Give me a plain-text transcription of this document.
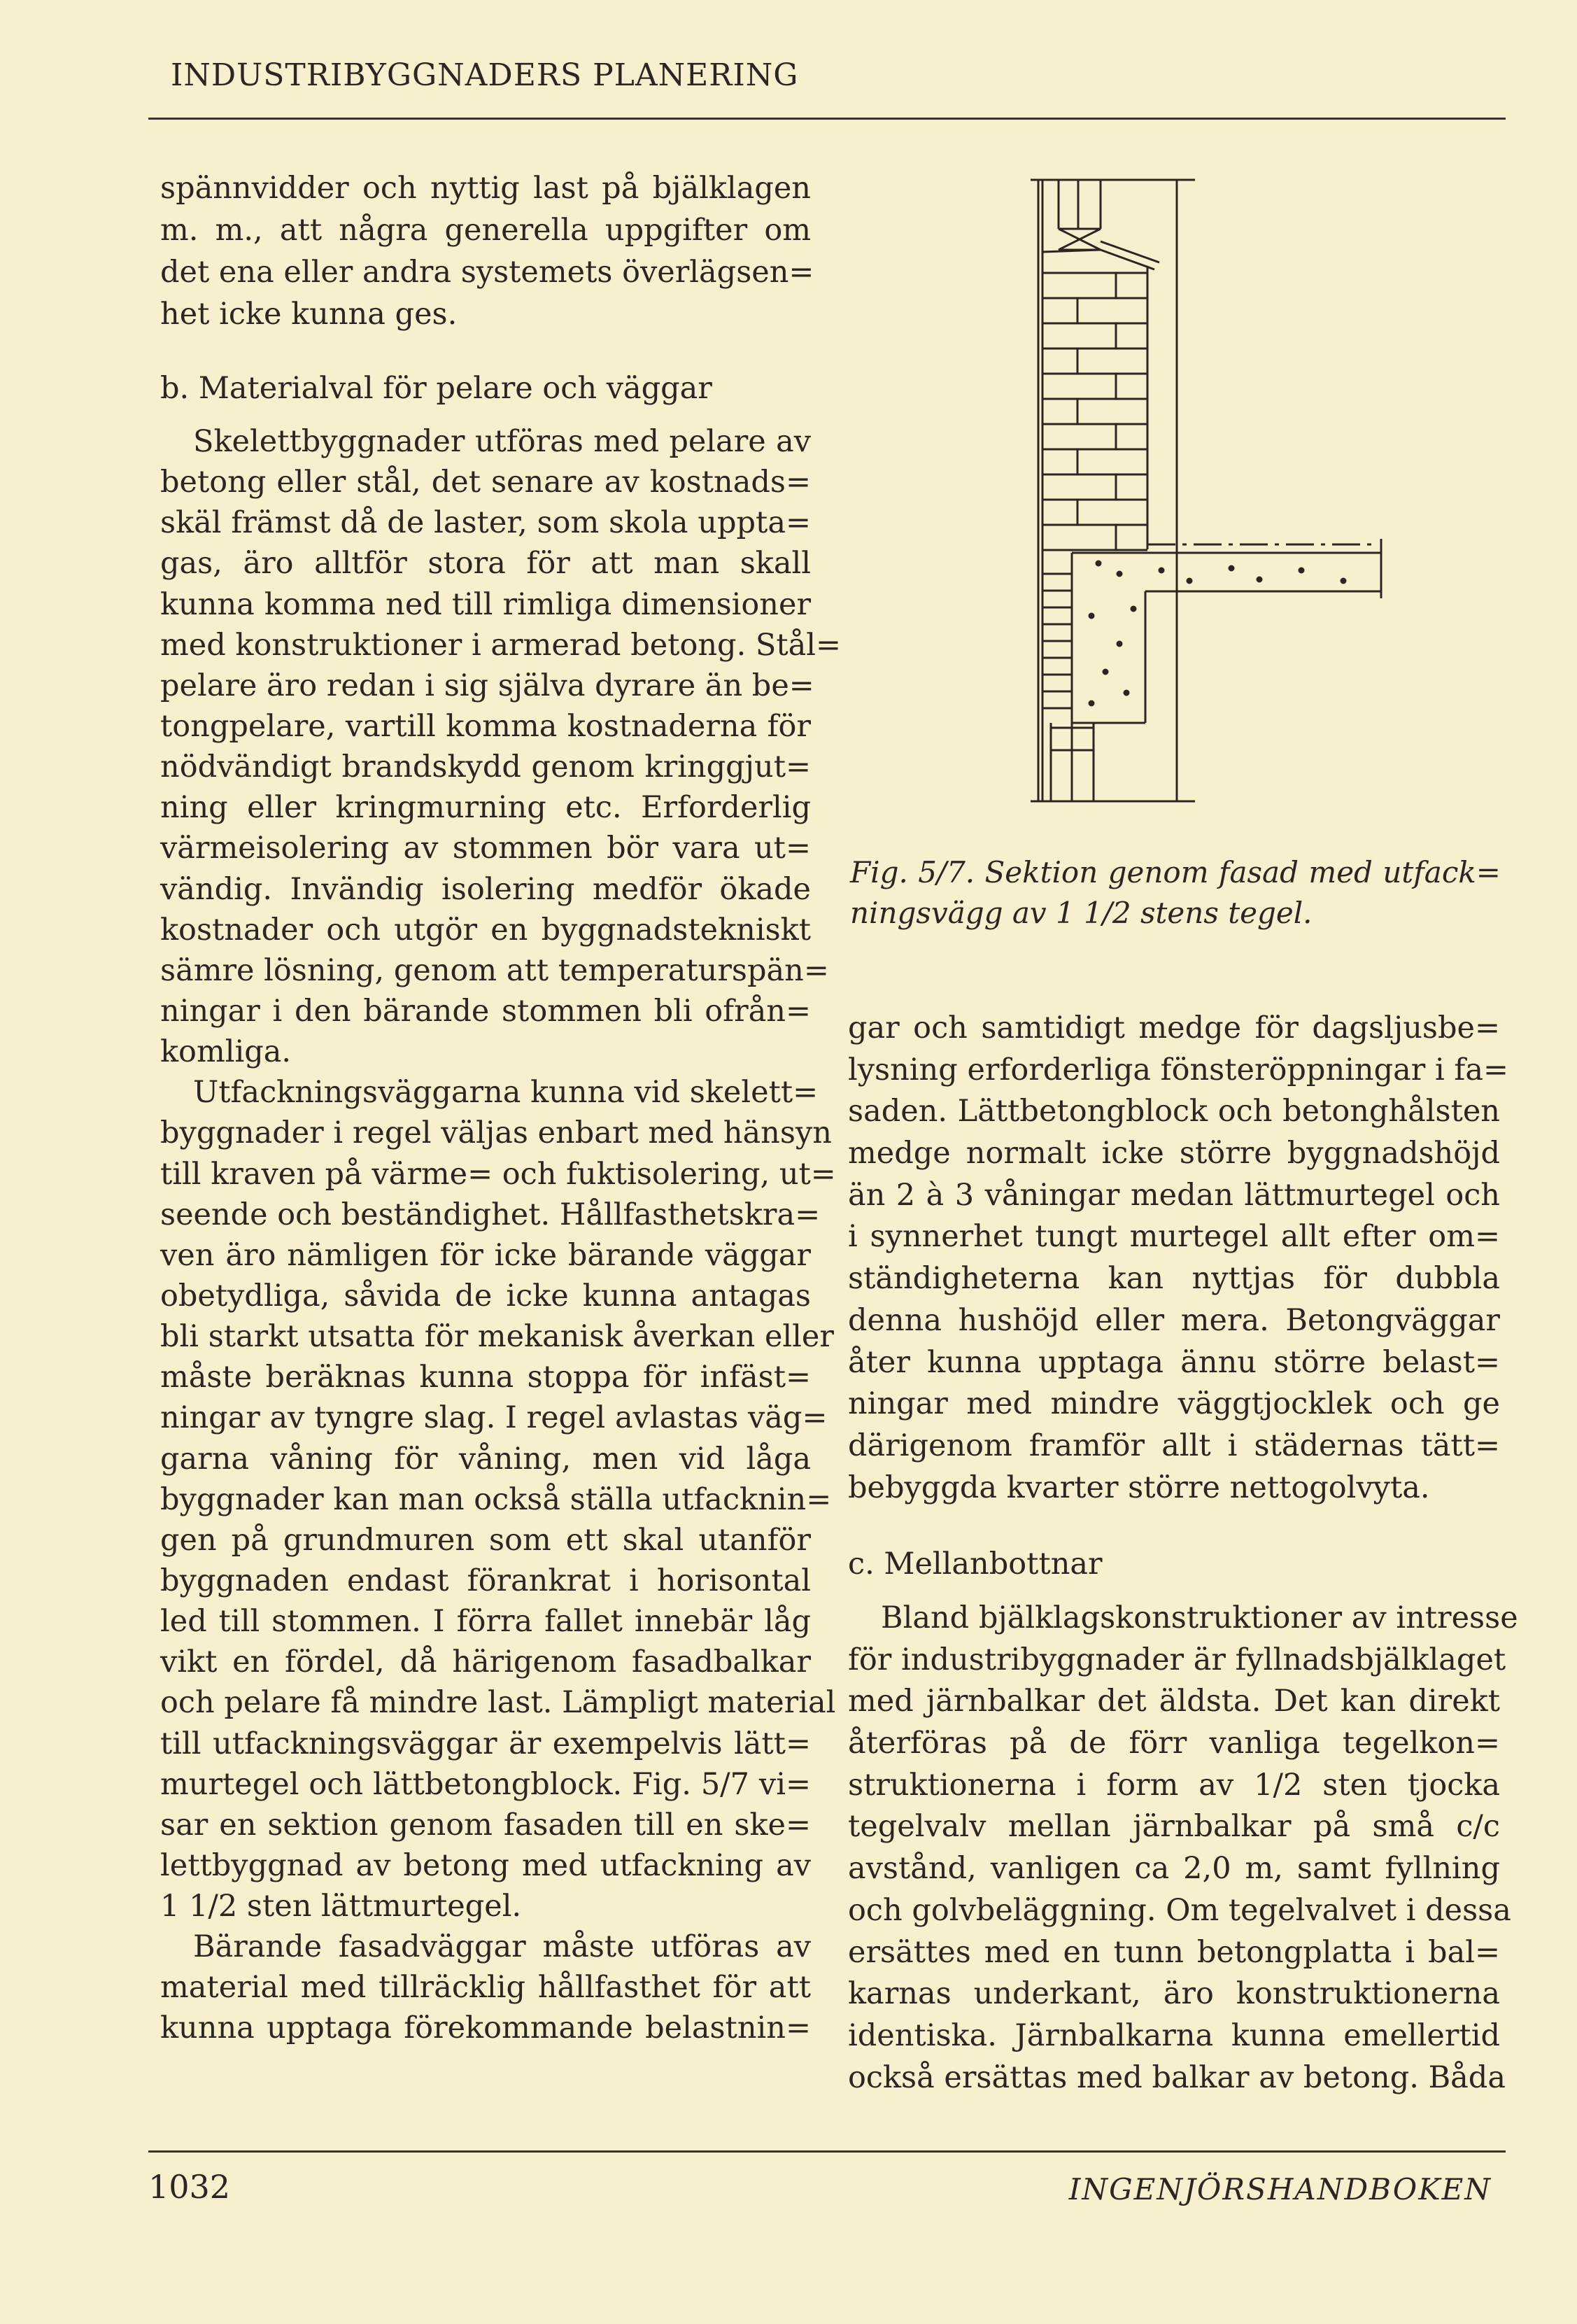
INDUSTRIBYGGNADERS PLANERING
spännvidder och nyttig last på bjälklagen
m. m., att några generella uppgifter om
det ena eller andra systemets överlägsen=
het icke kunna ges.
b. Materialval för pelare och väggar
Skelettbyggnader utföras med pelare av
betong eller stål, det senare av kostnads=
skäl främst då de laster, som skola uppta=
gas, äro alltför stora för att man skall
kunna komma ned till rimliga dimensioner
med konstruktioner i armerad betong. Stål=
pelare äro redan i sig själva dyrare än be=
tongpelare, vartill komma kostnaderna för
nödvändigt brandskydd genom kringgjut=
ning eller kringmurning etc. Erforderlig
värmeisolering av stommen bör vara ut=
vändig. Invändig isolering medför ökade
kostnader och utgör en byggnadstekniskt
sämre lösning, genom att temperaturspän=
ningar i den bärande stommen bli ofrån=
komliga.
Utfackningsväggarna kunna vid skelett=
byggnader i regel väljas enbart med hänsyn
till kraven på värme= och fuktisolering, ut=
seende och beständighet. Hållfasthetskra=
ven äro nämligen för icke bärande väggar
obetydliga, såvida de icke kunna antagas
bli starkt utsatta för mekanisk åverkan eller
måste beräknas kunna stoppa för infäst=
ningar av tyngre slag. I regel avlastas väg=
garna våning för våning, men vid låga
byggnader kan man också ställa utfacknin=
gen på grundmuren som ett skal utanför
byggnaden endast förankrat i horisontal
led till stommen. I förra fallet innebär låg
vikt en fördel, då härigenom fasadbalkar
och pelare få mindre last. Lämpligt material
till utfackningsväggar är exempelvis lätt=
murtegel och lättbetongblock. Fig. 5/7 vi=
sar en sektion genom fasaden till en ske=
lettbyggnad av betong med utfackning av
1 1/2 sten lättmurtegel.
Bärande fasadväggar måste utföras av
material med tillräcklig hållfasthet för att
kunna upptaga förekommande belastnin=
Fig. 5/7. Sektion genom fasad med utfack=
ningsvägg av 1 1/2 stens tegel.
gar och samtidigt medge för dagsljusbe=
lysning erforderliga fönsteröppningar i fa=
saden. Lättbetongblock och betonghålsten
medge normalt icke större byggnadshöjd
än 2 à 3 våningar medan lättmurtegel och
i synnerhet tungt murtegel allt efter om=
ständigheterna kan nyttjas för dubbla
denna hushöjd eller mera. Betongväggar
åter kunna upptaga ännu större belast=
ningar med mindre väggtjocklek och ge
därigenom framför allt i städernas tätt=
bebyggda kvarter större nettogolvyta.
c. Mellanbottnar
Bland bjälklagskonstruktioner av intresse
för industribyggnader är fyllnadsbjälklaget
med järnbalkar det äldsta. Det kan direkt
återföras på de förr vanliga tegelkon=
struktionerna i form av 1/2 sten tjocka
tegelvalv mellan järnbalkar på små c/c
avstånd, vanligen ca 2,0 m, samt fyllning
och golvbeläggning. Om tegelvalvet i dessa
ersättes med en tunn betongplatta i bal=
karnas underkant, äro konstruktionerna
identiska. Järnbalkarna kunna emellertid
också ersättas med balkar av betong. Båda
1032	INGENJÖRSHANDBOKEN
